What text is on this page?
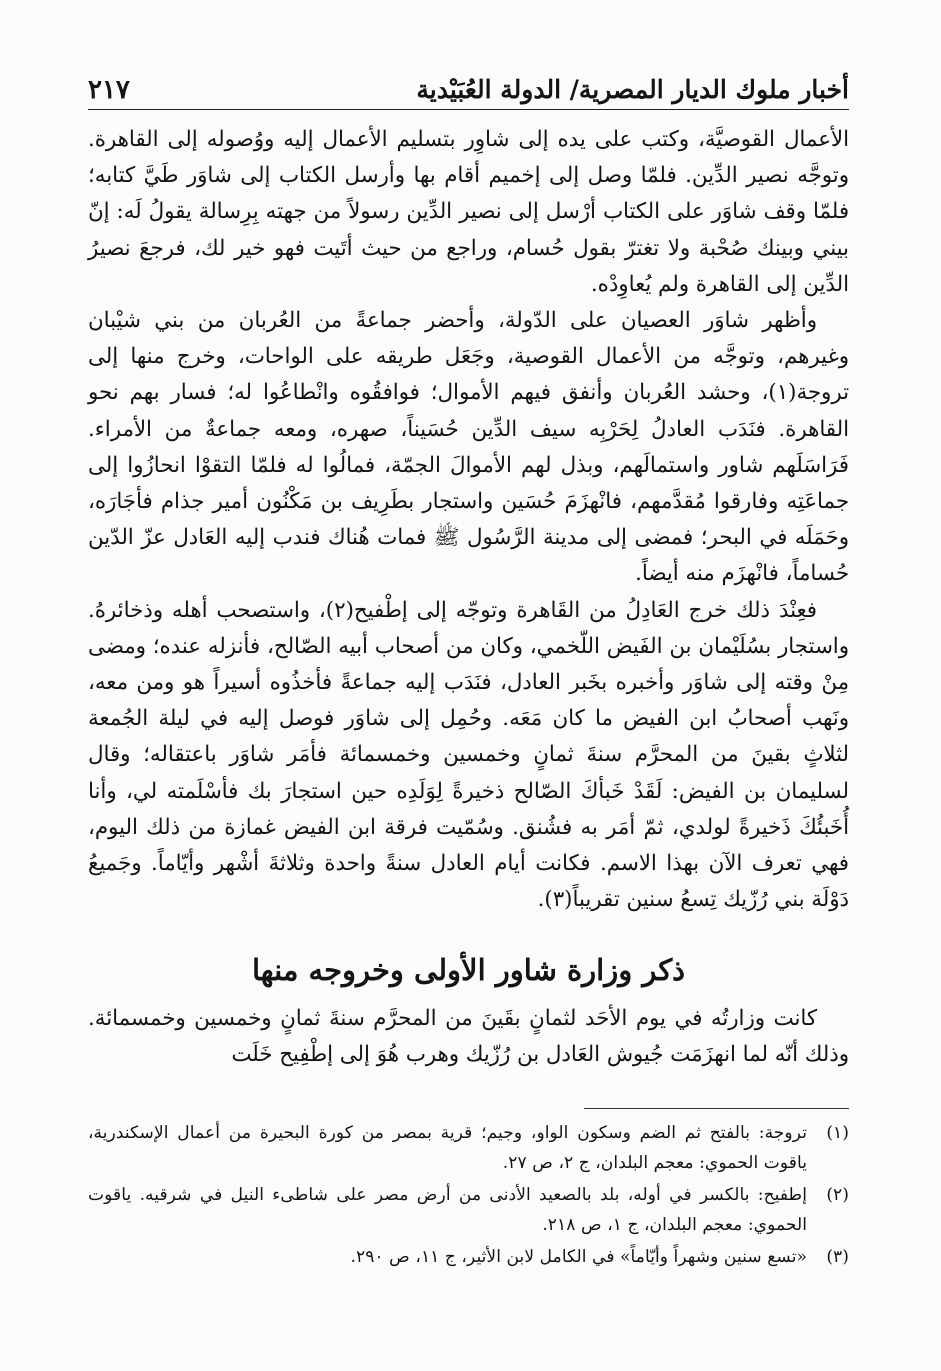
٢١٧	أخبار ملوك الديار المصرية/ الدولة العُبَيْدية

الأعمال القوصيَّة، وكتب على يده إلى شاوِر بتسليم الأعمال إليه ووُصوله إلى القاهرة. وتوجَّه نصير الدِّين. فلمّا وصل إلى إخميم أقام بها وأرسل الكتاب إلى شاوَر طَيَّ كتابه؛ فلمّا وقف شاوَر على الكتاب أرْسل إلى نصير الدِّين رسولاً من جهته بِرِسالة يقولُ لَه: إنّ بيني وبينك صُحْبة ولا تغترّ بقول حُسام، وراجع من حيث أتَيت فهو خير لك، فرجعَ نصيرُ الدِّين إلى القاهرة ولم يُعاوِدْه.

وأظهر شاوَر العصيان على الدّولة، وأحضر جماعةً من العُربان من بني شيْبان وغيرهم، وتوجَّه من الأعمال القوصية، وجَعَل طريقه على الواحات، وخرج منها إلى تروجة(١)، وحشد العُربان وأنفق فيهم الأموال؛ فوافقُوه وانْطاعُوا له؛ فسار بهم نحو القاهرة. فنَدَب العادلُ لِحَرْبِه سيف الدِّين حُسَيناً، صهره، ومعه جماعةٌ من الأمراء. فَرَاسَلَهم شاور واستمالَهم، وبذل لهم الأموالَ الجمّة، فمالُوا له فلمّا التقوْا انحازُوا إلى جماعَتِه وفارقوا مُقدَّمهم، فانْهزَمَ حُسَين واستجار بطَرِيف بن مَكْنُون أمير جذام فأجَارَه، وحَمَلَه في البحر؛ فمضى إلى مدينة الرَّسُول ﷺ فمات هُناك فندب إليه العَادل عزّ الدّين حُساماً، فانْهزَم منه أيضاً.

فعِنْدَ ذلك خرج العَادِلُ من القَاهرة وتوجّه إلى إطْفيح(٢)، واستصحب أهله وذخائرهُ. واستجار بسُلَيْمان بن الفَيض اللّخمي، وكان من أصحاب أبيه الصّالح، فأنزله عنده؛ ومضى مِنْ وقته إلى شاوَر وأخبره بخَبر العادل، فنَدَب إليه جماعةً فأخذُوه أسيراً هو ومن معه، ونَهب أصحابُ ابن الفيض ما كان مَعَه. وحُمِل إلى شاوَر فوصل إليه في ليلة الجُمعة لثلاثٍ بقينَ من المحرَّم سنةَ ثمانٍ وخمسين وخمسمائة فأمَر شاوَر باعتقاله؛ وقال لسليمان بن الفيض: لَقَدْ خَبأكَ الصّالح ذخيرةً لِوَلَدِه حين استجارَ بك فأسْلَمته لي، وأنا أُخَبئُكَ ذَخيرةً لولدي، ثمّ أمَر به فشُنق. وسُمّيت فرقة ابن الفيض غمازة من ذلك اليوم، فهي تعرف الآن بهذا الاسم. فكانت أيام العادل سنةً واحدة وثلاثةَ أشْهر وأيّاماً. وجَميعُ دَوْلَة بني رُزّيك تِسعُ سنين تقريباً(٣).

ذكر وزارة شاور الأولى وخروجه منها

كانت وزارتُه في يوم الأحَد لثمانٍ بقَينَ من المحرَّم سنةَ ثمانٍ وخمسين وخمسمائة. وذلك أنّه لما انهزَمَت جُيوش العَادل بن رُزّيك وهرب هُوَ إلى إطْفِيح خَلَت

(١)
تروجة: بالفتح ثم الضم وسكون الواو، وجيم؛ قرية بمصر من كورة البحيرة من أعمال الإسكندرية، ياقوت الحموي: معجم البلدان، ج ٢، ص ٢٧.
(٢)
إطفيح: بالكسر في أوله، بلد بالصعيد الأدنى من أرض مصر على شاطىء النيل في شرقيه. ياقوت الحموي: معجم البلدان، ج ١، ص ٢١٨.
(٣)
«تسع سنين وشهراً وأيّاماً» في الكامل لابن الأثير، ج ١١، ص ٢٩٠.
